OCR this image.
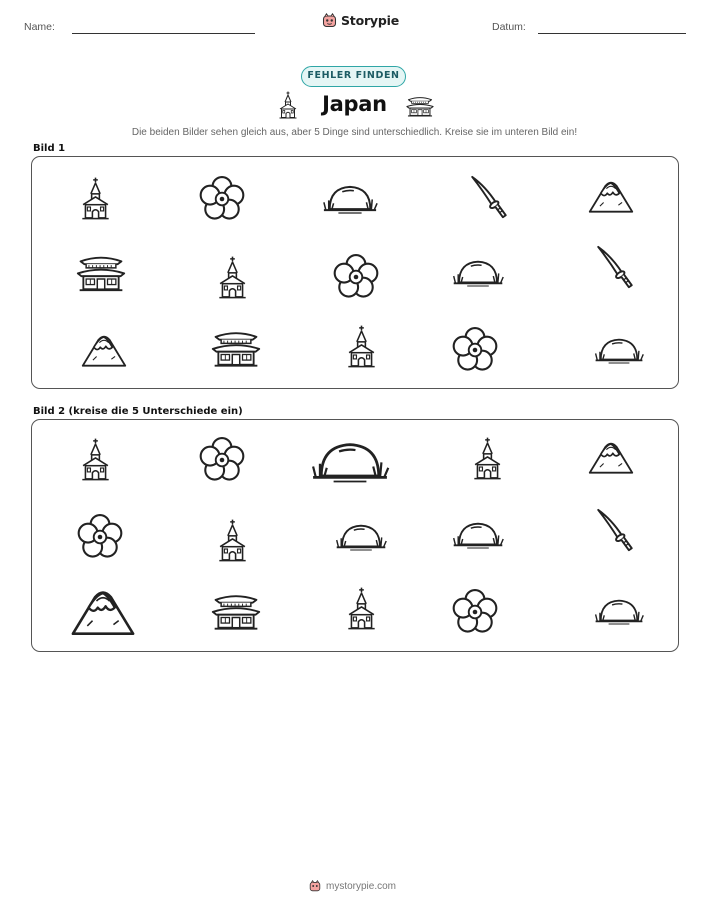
Name:	Storypie	Datum:
FEHLER FINDEN
Japan
Die beiden Bilder sehen gleich aus, aber 5 Dinge sind unterschiedlich. Kreise sie im unteren Bild ein!
Bild 1
Bild 2 (kreise die 5 Unterschiede ein)
mystorypie.com
